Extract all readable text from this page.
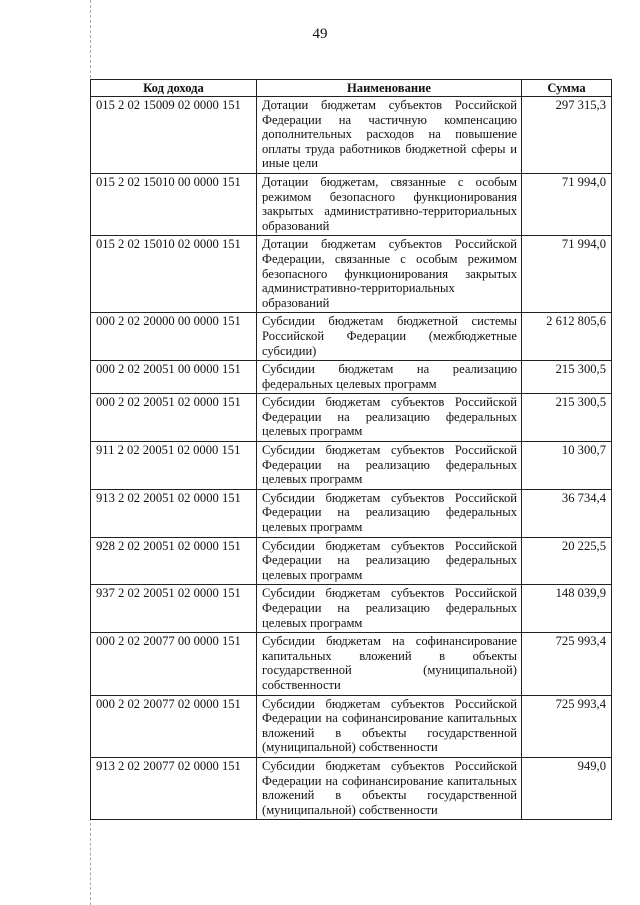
49
Код дохода	Наименование	Сумма
015 2 02 15009 02 0000 151	Дотации бюджетам субъектов Российской Федерации на частичную компенсацию дополнительных расходов на повышение оплаты труда работников бюджетной сферы и иные цели	297 315,3
015 2 02 15010 00 0000 151	Дотации бюджетам, связанные с особым режимом безопасного функционирования закрытых административно-территориальных образований	71 994,0
015 2 02 15010 02 0000 151	Дотации бюджетам субъектов Российской Федерации, связанные с особым режимом безопасного функционирования закрытых административно-территориальных образований	71 994,0
000 2 02 20000 00 0000 151	Субсидии бюджетам бюджетной системы Российской Федерации (межбюджетные субсидии)	2 612 805,6
000 2 02 20051 00 0000 151	Субсидии бюджетам на реализацию федеральных целевых программ	215 300,5
000 2 02 20051 02 0000 151	Субсидии бюджетам субъектов Российской Федерации на реализацию федеральных целевых программ	215 300,5
911 2 02 20051 02 0000 151	Субсидии бюджетам субъектов Российской Федерации на реализацию федеральных целевых программ	10 300,7
913 2 02 20051 02 0000 151	Субсидии бюджетам субъектов Российской Федерации на реализацию федеральных целевых программ	36 734,4
928 2 02 20051 02 0000 151	Субсидии бюджетам субъектов Российской Федерации на реализацию федеральных целевых программ	20 225,5
937 2 02 20051 02 0000 151	Субсидии бюджетам субъектов Российской Федерации на реализацию федеральных целевых программ	148 039,9
000 2 02 20077 00 0000 151	Субсидии бюджетам на софинансирование капитальных вложений в объекты государственной (муниципальной) собственности	725 993,4
000 2 02 20077 02 0000 151	Субсидии бюджетам субъектов Российской Федерации на софинансирование капитальных вложений в объекты государственной (муниципальной) собственности	725 993,4
913 2 02 20077 02 0000 151	Субсидии бюджетам субъектов Российской Федерации на софинансирование капитальных вложений в объекты государственной (муниципальной) собственности	949,0
